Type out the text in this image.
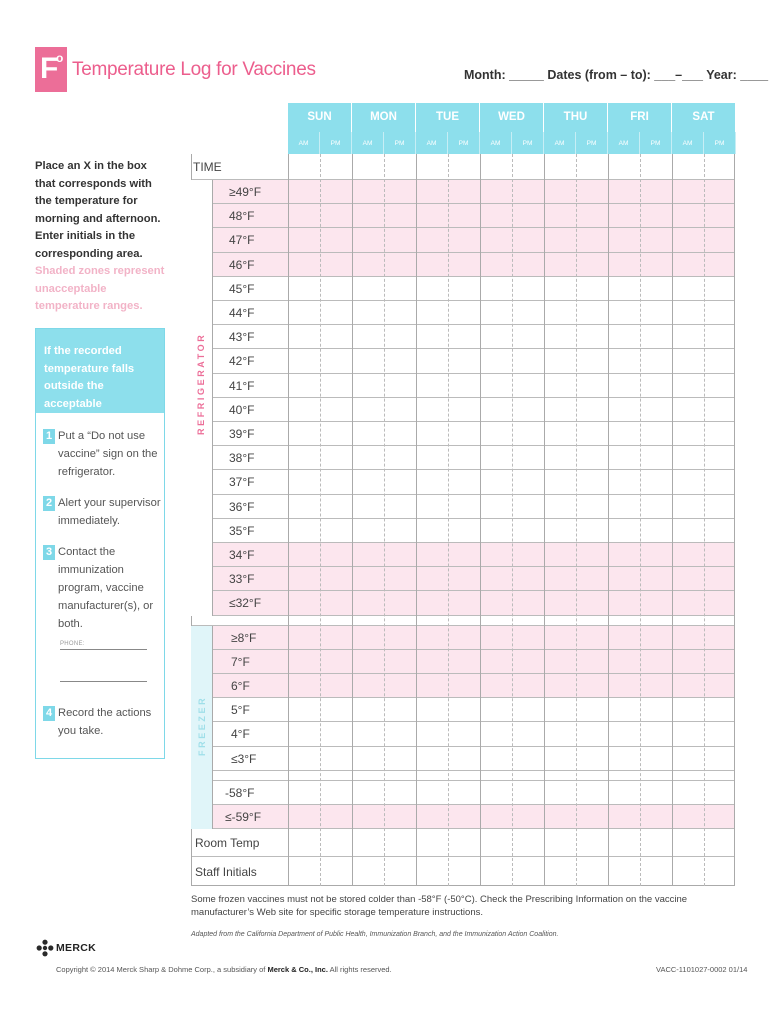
F
o
Temperature Log for Vaccines	Month: _____ Dates (from – to): ___–___ Year: ____
Place an X in the box that corresponds with the temperature for morning and afternoon. Enter initials in the corresponding area. Shaded zones represent unacceptable temperature ranges.
If the recorded temperature falls outside the acceptable temperature range:
1 Put a “Do not use vaccine” sign on the refrigerator.
2 Alert your supervisor immediately.
3 Contact the immunization program, vaccine manufacturer(s), or both.
PHONE:
4 Record the actions you take.
SUN
AM	PM
MON
AM	PM
TUE
AM	PM
WED
AM	PM
THU
AM	PM
FRI
AM	PM
SAT
AM	PM
TIME
≥49°F
48°F
47°F
46°F
45°F
44°F
43°F
42°F
41°F
40°F
39°F
38°F
37°F
36°F
35°F
34°F
33°F
≤32°F
≥8°F
7°F
6°F
5°F
4°F
≤3°F
-58°F
≤-59°F
Room Temp
Staff Initials
REFRIGERATOR
FREEZER
Some frozen vaccines must not be stored colder than -58°F (-50°C). Check the Prescribing Information on the vaccine manufacturer’s Web site for specific storage temperature instructions.
Adapted from the California Department of Public Health, Immunization Branch, and the Immunization Action Coalition.
MERCK
Copyright © 2014 Merck Sharp & Dohme Corp., a subsidiary of Merck & Co., Inc. All rights reserved.	VACC-1101027-0002 01/14
